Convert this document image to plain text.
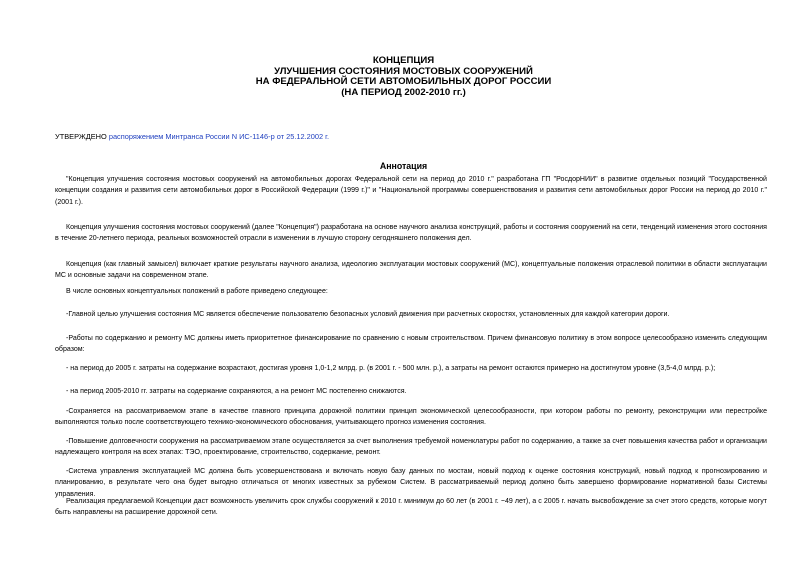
КОНЦЕПЦИЯ
УЛУЧШЕНИЯ СОСТОЯНИЯ МОСТОВЫХ СООРУЖЕНИЙ
НА ФЕДЕРАЛЬНОЙ СЕТИ АВТОМОБИЛЬНЫХ ДОРОГ РОССИИ
(НА ПЕРИОД 2002-2010 гг.)
УТВЕРЖДЕНО распоряжением Минтранса России N ИС-1146-р от 25.12.2002 г.
Аннотация

"Концепция улучшения состояния мостовых сооружений на автомобильных дорогах Федеральной сети на период до 2010 г." разработана ГП "РосдорНИИ" в развитие отдельных позиций "Государственной концепции создания и развития сети автомобильных дорог в Российской Федерации (1999 г.)" и "Национальной программы совершенствования и развития сети автомобильных дорог России на период до 2010 г." (2001 г.).

Концепция улучшения состояния мостовых сооружений (далее "Концепция") разработана на основе научного анализа конструкций, работы и состояния сооружений на сети, тенденций изменения этого состояния в течение 20-летнего периода, реальных возможностей отрасли в изменении в лучшую сторону сегодняшнего положения дел.

Концепция (как главный замысел) включает краткие результаты научного анализа, идеологию эксплуатации мостовых сооружений (МС), концептуальные положения отраслевой политики в области эксплуатации МС и основные задачи на современном этапе.

В числе основных концептуальных положений в работе приведено следующее:

-Главной целью улучшения состояния МС является обеспечение пользователю безопасных условий движения при расчетных скоростях, установленных для каждой категории дороги.

-Работы по содержанию и ремонту МС должны иметь приоритетное финансирование по сравнению с новым строительством. Причем финансовую политику в этом вопросе целесообразно изменить следующим образом:

- на период до 2005 г. затраты на содержание возрастают, достигая уровня 1,0-1,2 млрд. р. (в 2001 г. - 500 млн. р.), а затраты на ремонт остаются примерно на достигнутом уровне (3,5-4,0 млрд. р.);

- на период 2005-2010 гг. затраты на содержание сохраняются, а на ремонт МС постепенно снижаются.

-Сохраняется на рассматриваемом этапе в качестве главного принципа дорожной политики принцип экономической целесообразности, при котором работы по ремонту, реконструкции или перестройке выполняются только после соответствующего технико-экономического обоснования, учитывающего прогноз изменения состояния.

-Повышение долговечности сооружения на рассматриваемом этапе осуществляется за счет выполнения требуемой номенклатуры работ по содержанию, а также за счет повышения качества работ и организации надлежащего контроля на всех этапах: ТЭО, проектирование, строительство, содержание, ремонт.

-Система управления эксплуатацией МС должна быть усовершенствована и включать новую базу данных по мостам, новый подход к оценке состояния конструкций, новый подход к прогнозированию и планированию, в результате чего она будет выгодно отличаться от многих известных за рубежом Систем. В рассматриваемый период должно быть завершено формирование нормативной базы Системы управления.

Реализация предлагаемой Концепции даст возможность увеличить срок службы сооружений к 2010 г. минимум до 60 лет (в 2001 г. ~49 лет), а с 2005 г. начать высвобождение за счет этого средств, которые могут быть направлены на расширение дорожной сети.
